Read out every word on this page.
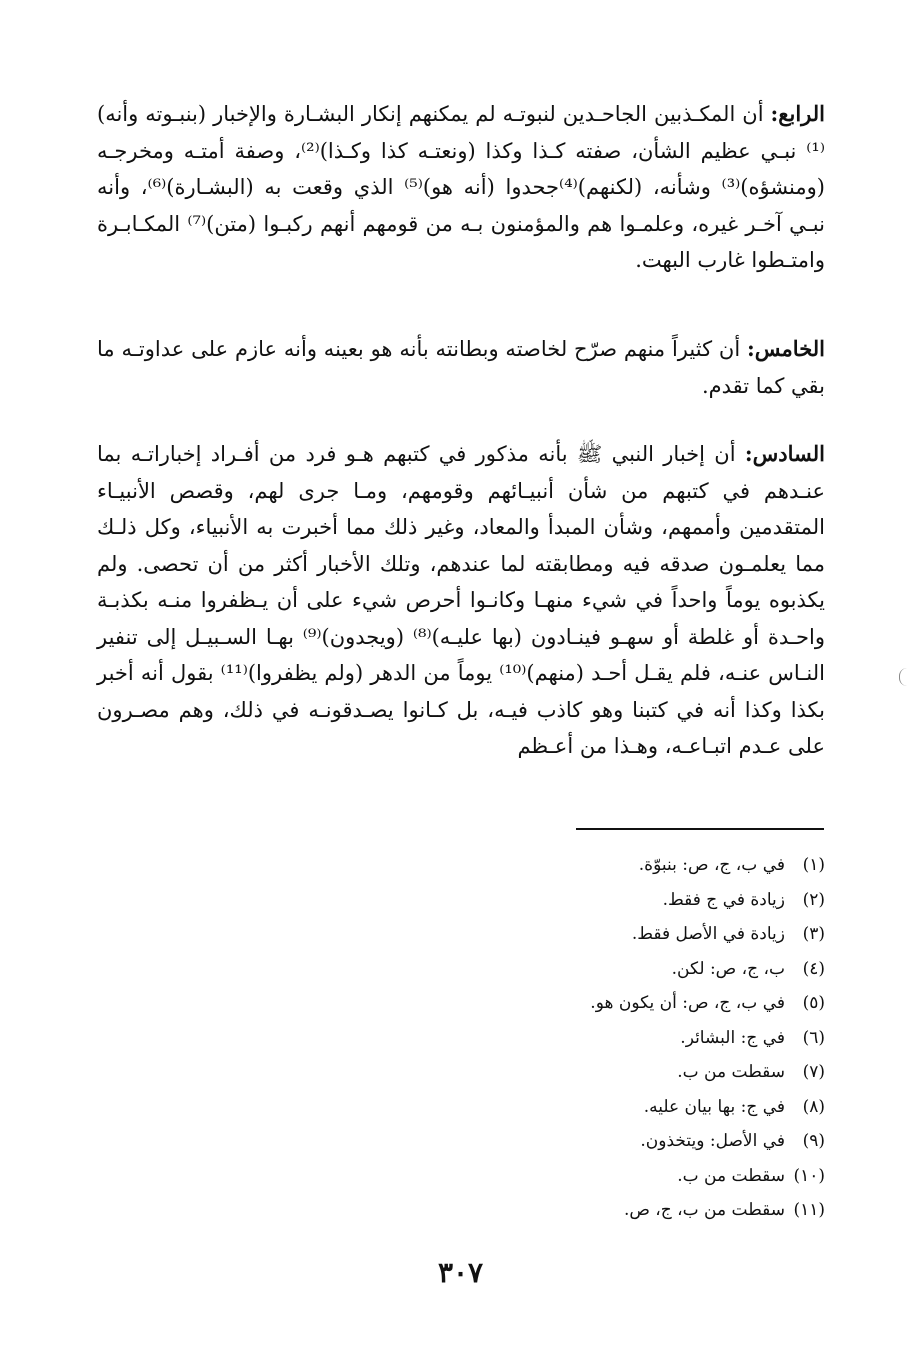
الرابع: أن المكـذبين الجاحـدين لنبوتـه لم يمكنهم إنكار البشـارة والإخبار (بنبـوته وأنه)⁽¹⁾ نبـي عظيم الشأن، صفته كـذا وكذا (ونعتـه كذا وكـذا)⁽²⁾، وصفة أمتـه ومخرجـه (ومنشؤه)⁽³⁾ وشأنه، (لكنهم)⁽⁴⁾جحدوا (أنه هو)⁽⁵⁾ الذي وقعت به (البشـارة)⁽⁶⁾، وأنه نبـي آخـر غيره، وعلمـوا هم والمؤمنون بـه من قومهم أنهم ركبـوا (متن)⁽⁷⁾ المكـابـرة وامتـطوا غارب البهت.

الخامس: أن كثيراً منهم صرّح لخاصته وبطانته بأنه هو بعينه وأنه عازم على عداوتـه ما بقي كما تقدم.

السادس: أن إخبار النبي ﷺ بأنه مذكور في كتبهم هـو فرد من أفـراد إخباراتـه بما عنـدهم في كتبهم من شأن أنبيـائهم وقومهم، ومـا جرى لهم، وقصص الأنبيـاء المتقدمين وأممهم، وشأن المبدأ والمعاد، وغير ذلك مما أخبرت به الأنبياء، وكل ذلـك مما يعلمـون صدقه فيه ومطابقته لما عندهم، وتلك الأخبار أكثر من أن تحصى. ولم يكذبوه يوماً واحداً في شيء منهـا وكانـوا أحرص شيء على أن يـظفروا منـه بكذبـة واحـدة أو غلطة أو سهـو فينـادون (بها عليـه)⁽⁸⁾ (ويجدون)⁽⁹⁾ بهـا السـبيـل إلى تنفير النـاس عنـه، فلم يقـل أحـد (منهم)⁽¹⁰⁾ يوماً من الدهر (ولم يظفروا)⁽¹¹⁾ بقول أنه أخبر بكذا وكذا أنه في كتبنا وهو كاذب فيـه، بل كـانوا يصـدقونـه في ذلك، وهم مصـرون على عـدم اتبـاعـه، وهـذا من أعـظم

(١)في ب، ج، ص: بنبوّة.
(٢)زيادة في ج فقط.
(٣)زيادة في الأصل فقط.
(٤)ب، ج، ص: لكن.
(٥)في ب، ج، ص: أن يكون هو.
(٦)في ج: البشائر.
(٧)سقطت من ب.
(٨)في ج: بها بيان عليه.
(٩)في الأصل: ويتخذون.
(١٠)سقطت من ب.
(١١)سقطت من ب، ج، ص.
٣٠٧
